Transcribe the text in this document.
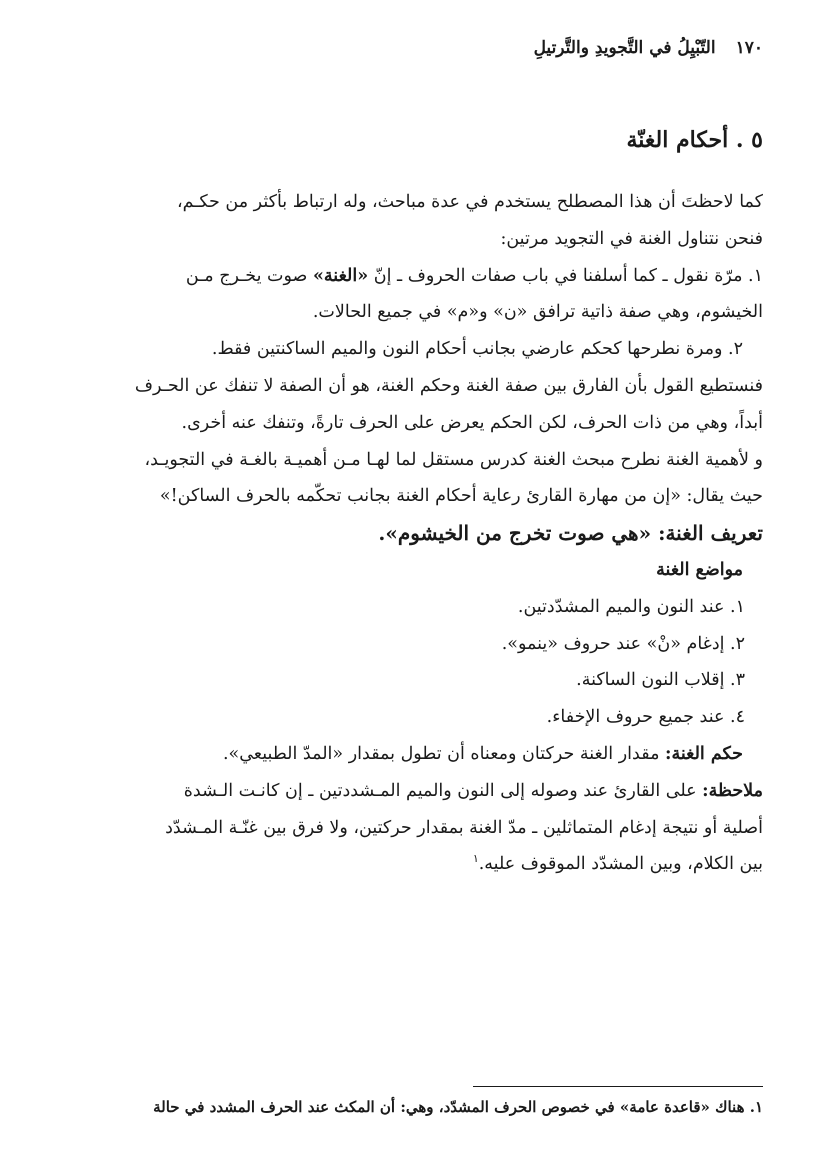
١٧٠
التّبْيِلُ في التَّجويدِ والتَّرتيلِ
٥ . أحكام الغنّة

كما لاحظتَ أن هذا المصطلح يستخدم في عدة مباحث، وله ارتباط بأكثر من حكـم،

فنحن نتناول الغنة في التجويد مرتين:

١. مرّة نقول ـ كما أسلفنا في باب صفات الحروف ـ إنّ «الغنة» صوت يخـرج مـن

الخيشوم، وهي صفة ذاتية ترافق «ن» و«م» في جميع الحالات.

٢. ومرة نطرحها كحكم عارضي بجانب أحكام النون والميم الساكنتين فقط.

فنستطيع القول بأن الفارق بين صفة الغنة وحكم الغنة، هو أن الصفة لا تنفك عن الحـرف

أبداً، وهي من ذات الحرف، لكن الحكم يعرض على الحرف تارةً، وتنفك عنه أخرى.

و لأهمية الغنة نطرح مبحث الغنة كدرس مستقل لما لهـا مـن أهميـة بالغـة في التجويـد،

حيث يقال: «إن من مهارة القارئ رعاية أحكام الغنة بجانب تحكّمه بالحرف الساكن!»

تعريف الغنة: «هي صوت تخرج من الخيشوم».

مواضع الغنة

١. عند النون والميم المشدّدتين.

٢. إدغام «نْ» عند حروف «ينمو».

٣. إقلاب النون الساكنة.

٤. عند جميع حروف الإخفاء.

حكم الغنة: مقدار الغنة حركتان ومعناه أن تطول بمقدار «المدّ الطبيعي».

ملاحظة: على القارئ عند وصوله إلى النون والميم المـشددتين ـ إن كانـت الـشدة

أصلية أو نتيجة إدغام المتماثلين ـ مدّ الغنة بمقدار حركتين، ولا فرق بين غنّـة المـشدّد

بين الكلام، وبين المشدّد الموقوف عليه.$^١$

١. هناك «قاعدة عامة» في خصوص الحرف المشدّد، وهي: أن المكث عند الحرف المشدد في حالة
